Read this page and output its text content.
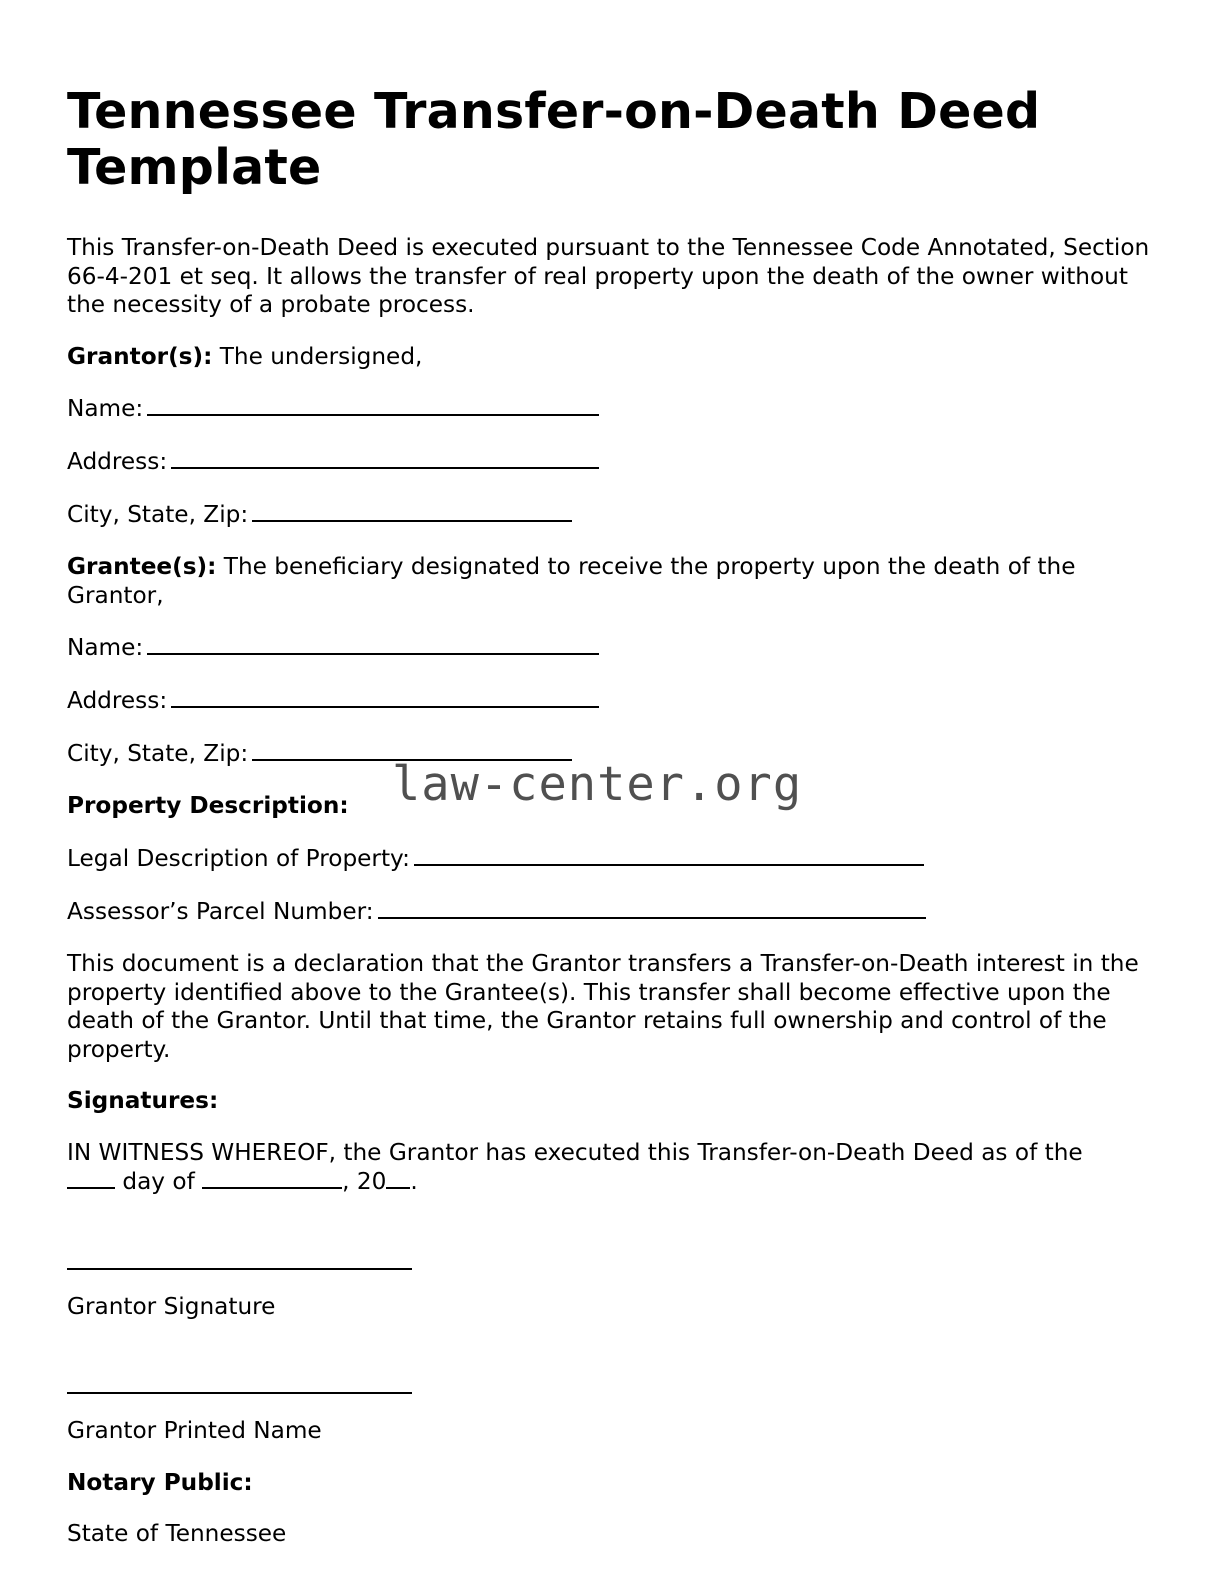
Tennessee Transfer-on-Death Deed Template

This Transfer-on-Death Deed is executed pursuant to the Tennessee Code Annotated, Section 66-4-201 et seq. It allows the transfer of real property upon the death of the owner without the necessity of a probate process.

Grantor(s): The undersigned,

Name:

Address:

City, State, Zip:

Grantee(s): The beneficiary designated to receive the property upon the death of the Grantor,

Name:

Address:

City, State, Zip:

Property Description:

Legal Description of Property:

Assessor’s Parcel Number:

This document is a declaration that the Grantor transfers a Transfer-on-Death interest in the property identified above to the Grantee(s). This transfer shall become effective upon the death of the Grantor. Until that time, the Grantor retains full ownership and control of the property.

Signatures:

IN WITNESS WHEREOF, the Grantor has executed this Transfer-on-Death Deed as of the
day of	, 20 .

Grantor Signature

Grantor Printed Name

Notary Public:

State of Tennessee

law-center.org
